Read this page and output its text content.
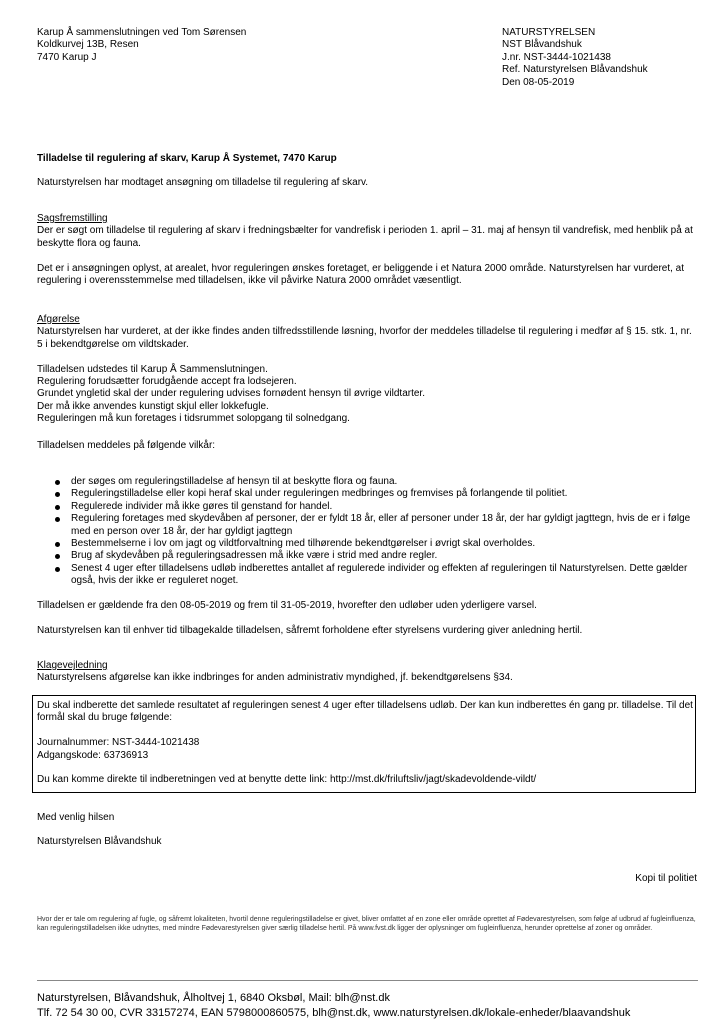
Karup Å sammenslutningen ved Tom Sørensen
Koldkurvej 13B, Resen
7470 Karup J
NATURSTYRELSEN
NST Blåvandshuk
J.nr. NST-3444-1021438
Ref. Naturstyrelsen Blåvandshuk
Den 08-05-2019
Tilladelse til regulering af skarv, Karup Å Systemet, 7470 Karup
Naturstyrelsen har modtaget ansøgning om tilladelse til regulering af skarv.
Sagsfremstilling
Der er søgt om tilladelse til regulering af skarv i fredningsbælter for vandrefisk i perioden 1. april – 31. maj af hensyn til vandrefisk, med henblik på at beskytte flora og fauna.
Det er i ansøgningen oplyst, at arealet, hvor reguleringen ønskes foretaget, er beliggende i et Natura 2000 område. Naturstyrelsen har vurderet, at regulering i overensstemmelse med tilladelsen, ikke vil påvirke Natura 2000 området væsentligt.
Afgørelse
Naturstyrelsen har vurderet, at der ikke findes anden tilfredsstillende løsning, hvorfor der meddeles tilladelse til regulering i medfør af § 15. stk. 1, nr. 5 i bekendtgørelse om vildtskader.
Tilladelsen udstedes til Karup Å Sammenslutningen.
Regulering forudsætter forudgående accept fra lodsejeren.
Grundet yngletid skal der under regulering udvises fornødent hensyn til øvrige vildtarter.
Der må ikke anvendes kunstigt skjul eller lokkefugle.
Reguleringen må kun foretages i tidsrummet solopgang til solnedgang.
Tilladelsen meddeles på følgende vilkår:
der søges om reguleringstilladelse af hensyn til at beskytte flora og fauna.
Reguleringstilladelse eller kopi heraf skal under reguleringen medbringes og fremvises på forlangende til politiet.
Regulerede individer må ikke gøres til genstand for handel.
Regulering foretages med skydevåben af personer, der er fyldt 18 år, eller af personer under 18 år, der har gyldigt jagttegn, hvis de er i følge med en person over 18 år, der har gyldigt jagttegn
Bestemmelserne i lov om jagt og vildtforvaltning med tilhørende bekendtgørelser i øvrigt skal overholdes.
Brug af skydevåben på reguleringsadressen må ikke være i strid med andre regler.
Senest 4 uger efter tilladelsens udløb indberettes antallet af regulerede individer og effekten af reguleringen til Naturstyrelsen. Dette gælder også, hvis der ikke er reguleret noget.
Tilladelsen er gældende fra den 08-05-2019 og frem til 31-05-2019, hvorefter den udløber uden yderligere varsel.
Naturstyrelsen kan til enhver tid tilbagekalde tilladelsen, såfremt forholdene efter styrelsens vurdering giver anledning hertil.
Klagevejledning
Naturstyrelsens afgørelse kan ikke indbringes for anden administrativ myndighed, jf. bekendtgørelsens §34.
Du skal indberette det samlede resultatet af reguleringen senest 4 uger efter tilladelsens udløb. Der kan kun indberettes én gang pr. tilladelse. Til det formål skal du bruge følgende:
Journalnummer: NST-3444-1021438
Adgangskode: 63736913
Du kan komme direkte til indberetningen ved at benytte dette link: http://mst.dk/friluftsliv/jagt/skadevoldende-vildt/
Med venlig hilsen
Naturstyrelsen Blåvandshuk
Kopi til politiet
Hvor der er tale om regulering af fugle, og såfremt lokaliteten, hvortil denne reguleringstilladelse er givet, bliver omfattet af en zone eller område oprettet af Fødevarestyrelsen, som følge af udbrud af fugleinfluenza, kan reguleringstilladelsen ikke udnyttes, med mindre Fødevarestyrelsen giver særlig tilladelse hertil. På www.fvst.dk ligger der oplysninger om fugleinfluenza, herunder oprettelse af zoner og områder.
Naturstyrelsen, Blåvandshuk, Ålholtvej 1, 6840 Oksbøl, Mail: blh@nst.dk
Tlf. 72 54 30 00, CVR 33157274, EAN 5798000860575, blh@nst.dk, www.naturstyrelsen.dk/lokale-enheder/blaavandshuk
